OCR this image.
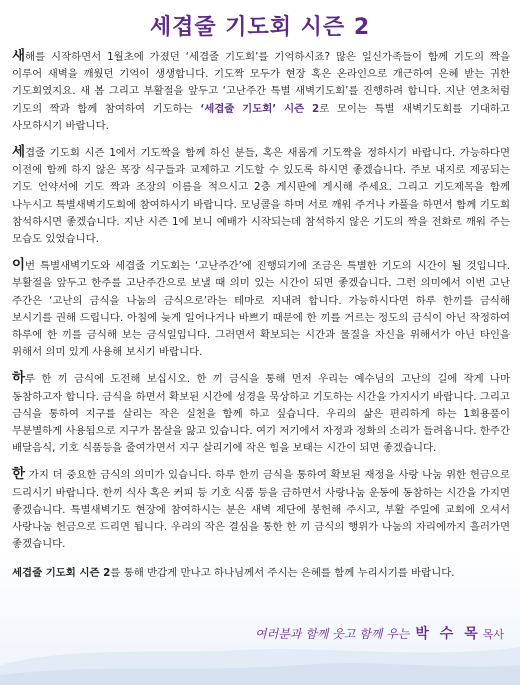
세겹줄 기도회 시즌 2

새해를 시작하면서 1월초에 가졌던 ‘세겹줄 기도회’를 기억하시죠? 많은 일신가족들이 함께 기도의 짝을 이루어 새벽을 깨웠던 기억이 생생합니다. 기도짝 모두가 현장 혹은 온라인으로 개근하여 은혜 받는 귀한 기도회였지요. 새 봄 그리고 부활절을 앞두고 ‘고난주간 특별 새벽기도회’를 진행하려 합니다. 지난 연초처럼 기도의 짝과 함께 참여하여 기도하는 ‘세겹줄 기도회’ 시즌 2로 모이는 특별 새벽기도회를 기대하고 사모하시기 바랍니다.

세겹줄 기도회 시즌 1에서 기도짝을 함께 하신 분들, 혹은 새롭게 기도짝을 정하시기 바랍니다. 가능하다면 이전에 함께 하지 않은 목장 식구들과 교제하고 기도할 수 있도록 하시면 좋겠습니다. 주보 내지로 제공되는 기도 언약서에 기도 짝과 조장의 이름을 적으시고 2층 게시판에 게시해 주세요. 그리고 기도제목을 함께 나누시고 특별새벽기도회에 참여하시기 바랍니다. 모닝콜을 하며 서로 깨워 주거나 카풀을 하면서 함께 기도회 참석하시면 좋겠습니다. 지난 시즌 1에 보니 예배가 시작되는데 참석하지 않은 기도의 짝을 전화로 깨워 주는 모습도 있었습니다.

이번 특별새벽기도와 세겹줄 기도회는 ‘고난주간’에 진행되기에 조금은 특별한 기도의 시간이 될 것입니다. 부활절을 앞두고 한주를 고난주간으로 보낼 때 의미 있는 시간이 되면 좋겠습니다. 그런 의미에서 이번 고난 주간은 ‘고난의 금식을 나눔의 금식으로’라는 테마로 지내려 합니다. 가능하시다면 하루 한끼를 금식해 보시기를 권해 드립니다. 아침에 늦게 일어나거나 바쁘기 때문에 한 끼를 거르는 정도의 금식이 아닌 작정하여 하루에 한 끼를 금식해 보는 금식일입니다. 그러면서 확보되는 시간과 물질을 자신을 위해서가 아닌 타인을 위해서 의미 있게 사용해 보시기 바랍니다.

하루 한 끼 금식에 도전해 보십시오. 한 끼 금식을 통해 먼저 우리는 예수님의 고난의 길에 작게 나마 동참하고자 합니다. 금식을 하면서 확보된 시간에 성경을 묵상하고 기도하는 시간을 가지시기 바랍니다. 그리고 금식을 통하여 지구를 살리는 작은 실천을 함께 하고 싶습니다. 우리의 삶은 편리하게 하는 1회용품이 무분별하게 사용됨으로 지구가 몸살을 앓고 있습니다. 여기 저기에서 자정과 정화의 소리가 들려옵니다. 한주간 배달음식, 기호 식품등을 줄여가면서 지구 살리기에 작은 힘을 보태는 시간이 되면 좋겠습니다.

한 가지 더 중요한 금식의 의미가 있습니다. 하루 한끼 금식을 통하여 확보된 재정을 사랑 나눔 위한 헌금으로 드리시기 바랍니다. 한끼 식사 혹은 커피 등 기호 식품 등을 금하면서 사랑나눔 운동에 동참하는 시간을 가지면 좋겠습니다. 특별새벽기도 현장에 참여하시는 분은 새벽 제단에 봉헌해 주시고, 부활 주일에 교회에 오셔서 사랑나눔 헌금으로 드리면 됩니다. 우리의 작은 결심을 통한 한 끼 금식의 행위가 나눔의 자리에까지 흘러가면 좋겠습니다.

세겹줄 기도회 시즌 2를 통해 반갑게 만나고 하나님께서 주시는 은혜를 함께 누리시기를 바랍니다.

여러분과 함께 웃고 함께 우는 박 수 목 목사
